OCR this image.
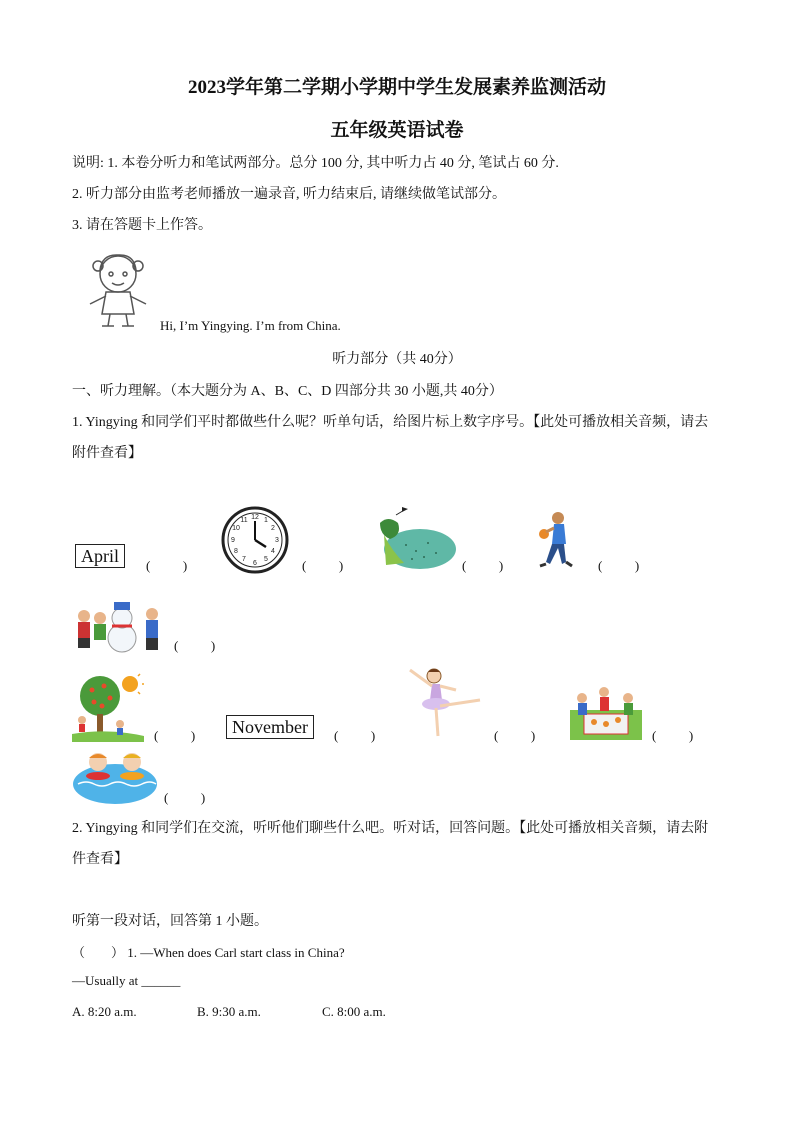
2023学年第二学期小学期中学生发展素养监测活动
五年级英语试卷
说明: 1. 本卷分听力和笔试两部分。总分 100 分, 其中听力占 40 分, 笔试占 60 分.
2. 听力部分由监考老师播放一遍录音, 听力结束后, 请继续做笔试部分。
3. 请在答题卡上作答。
Hi, I’m Yingying. I’m from China.
听力部分（共 40分）
一、听力理解。（本大题分为 A、B、C、D 四部分共 30 小题,共 40分）
1. Yingying 和同学们平时都做些什么呢？听单句话，给图片标上数字序号。【此处可播放相关音频，请去
附件查看】
April	(          )
12 1
2
3
4
5
6
7
8
9
10
11
(          )	(          )	(          )
(          )
(          )	November	(          )	(          )	(          )
(          )
2. Yingying 和同学们在交流，听听他们聊些什么吧。听对话，回答问题。【此处可播放相关音频，请去附
件查看】
听第一段对话，回答第 1 小题。
（        ） 1. —When does Carl start class in China?
—Usually at ______
A. 8:20 a.m.	B. 9:30 a.m.	C. 8:00 a.m.
